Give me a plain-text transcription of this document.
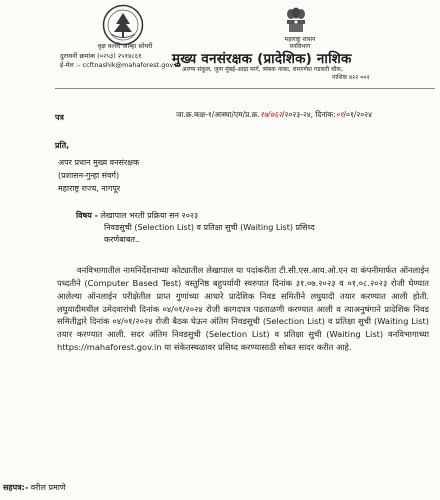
वृक्ष वल्ली आम्हा सोयरी
दुरध्वनी क्रमांक (०२५३) २५१४८६१
ई-मेल :- ccftnashik@mahaforest.gov.in
महाराष्ट्र शासन
वनविभाग
मुख्य वनसंरक्षक (प्रादेशिक) नाशिक
अरण्य संकुल, जुना मुंबई-आग्रा मार्ग, त्र्यंबक नाका, रामगणेश गडकरी चौक,
नाशिक ४२२ ००२
पत्र	जा.क्र.कक्ष-१/आस्था/एम/प्र.क्र.१७/७६२/२०२३-२४, दिनांक:०१/०१/२०२४
प्रति,
अपर प्रधान मुख्य वनसंरक्षक
(प्रशासन-गुन्हा संवर्ग)
महाराष्ट्र राज्य, नागपूर
विषय - लेखापाल भरती प्रक्रिया सन २०२३
निवडसुची (Selection List) व प्रतिक्षा सुची (Waiting List) प्रसिध्द
करणेबाबत..
वनविभागातील नामनिर्देशनाच्या कोट्यातील लेखापाल या पदांकरीता टी.सी.एस.आय.ओ.एन या कंपनीमार्फत ऑनलाईन पध्दतीने (Computer Based Test) वस्तुनिष्ठ बहुपर्यायी स्वरुपात दिनांक ३१.०७.२०२३ व ०१.०८.२०२३ रोजी घेण्यात आलेल्या ऑनलाईन परीक्षेतील प्राप्त गुणांच्या आधारे प्रादेशिक निवड समितीने लघुयादी तयार करण्यात आली होती. लघुयादीमधील उमेदवारांची दिनांक ०४/०१/२०२४ रोजी कागदपत्र पडताळणी करण्यात आली व त्याअनुषंगाने प्रादेशिक निवड समितीद्वारे दिनांक ०४/०१/२०२४ रोजी बैठक घेऊन अंतिम निवडसुची (Selection List) व प्रतिक्षा सुची (Waiting List) तयार करण्यात आली. सदर अंतिम निवडसुची (Selection List) व प्रतिक्षा सुची (Waiting List) वनविभागाच्या https://mahaforest.gov.in या संकेतस्थळावर प्रसिध्द करण्यासाठी सोबत सादर करीत आहे.
सहपत्र:- वरील प्रमाणे
